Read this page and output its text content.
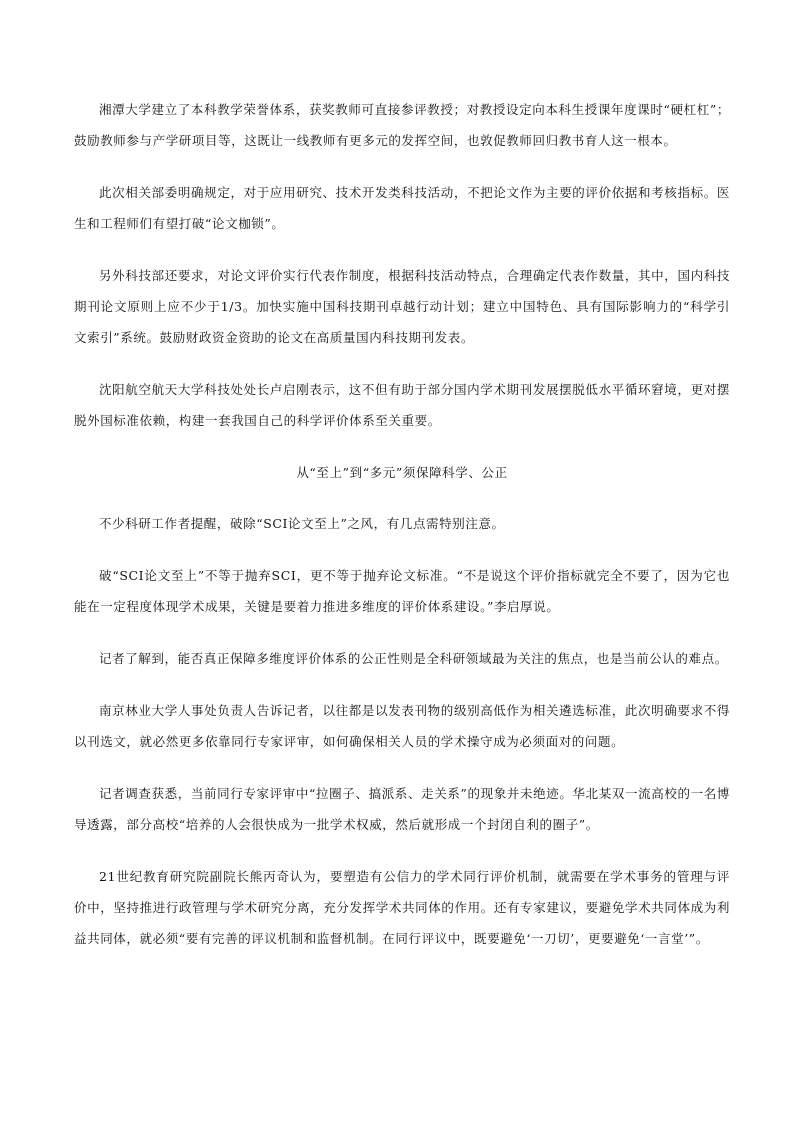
湘潭大学建立了本科教学荣誉体系，获奖教师可直接参评教授；对教授设定向本科生授课年度课时“硬杠杠”；鼓励教师参与产学研项目等，这既让一线教师有更多元的发挥空间，也敦促教师回归教书育人这一根本。

此次相关部委明确规定，对于应用研究、技术开发类科技活动，不把论文作为主要的评价依据和考核指标。医生和工程师们有望打破“论文枷锁”。

另外科技部还要求，对论文评价实行代表作制度，根据科技活动特点，合理确定代表作数量，其中，国内科技期刊论文原则上应不少于1/3。加快实施中国科技期刊卓越行动计划；建立中国特色、具有国际影响力的“科学引文索引”系统。鼓励财政资金资助的论文在高质量国内科技期刊发表。

沈阳航空航天大学科技处处长卢启刚表示，这不但有助于部分国内学术期刊发展摆脱低水平循环窘境，更对摆脱外国标准依赖，构建一套我国自己的科学评价体系至关重要。

从“至上”到“多元”须保障科学、公正

不少科研工作者提醒，破除“SCI论文至上”之风，有几点需特别注意。

破“SCI论文至上”不等于抛弃SCI，更不等于抛弃论文标准。“不是说这个评价指标就完全不要了，因为它也能在一定程度体现学术成果，关键是要着力推进多维度的评价体系建设。”李启厚说。

记者了解到，能否真正保障多维度评价体系的公正性则是全科研领域最为关注的焦点，也是当前公认的难点。

南京林业大学人事处负责人告诉记者，以往都是以发表刊物的级别高低作为相关遴选标准，此次明确要求不得以刊选文，就必然更多依靠同行专家评审，如何确保相关人员的学术操守成为必须面对的问题。

记者调查获悉，当前同行专家评审中“拉圈子、搞派系、走关系”的现象并未绝迹。华北某双一流高校的一名博导透露，部分高校“培养的人会很快成为一批学术权威，然后就形成一个封闭自利的圈子”。

21世纪教育研究院副院长熊丙奇认为，要塑造有公信力的学术同行评价机制，就需要在学术事务的管理与评价中，坚持推进行政管理与学术研究分离，充分发挥学术共同体的作用。还有专家建议，要避免学术共同体成为利益共同体，就必须“要有完善的评议机制和监督机制。在同行评议中，既要避免‘一刀切’，更要避免‘一言堂’”。
